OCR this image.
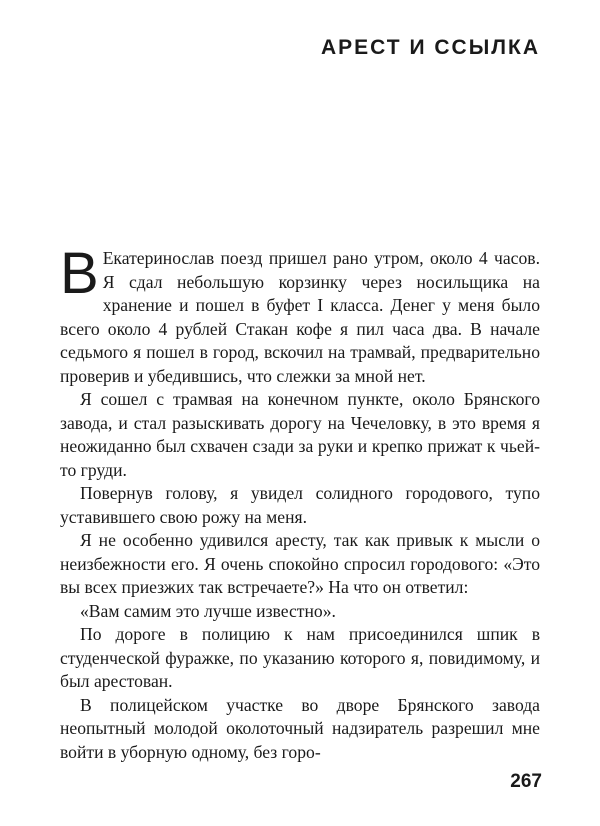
АРЕСТ И ССЫЛКА

В Екатеринослав поезд пришел рано утром, около 4 часов. Я сдал небольшую корзинку через носильщика на хранение и пошел в буфет I класса. Денег у меня было всего около 4 рублей Стакан кофе я пил часа два. В начале седьмого я пошел в город, вскочил на трамвай, предварительно проверив и убедившись, что слежки за мной нет.

Я сошел с трамвая на конечном пункте, около Брянского завода, и стал разыскивать дорогу на Чечеловку, в это время я неожиданно был схвачен сзади за руки и крепко прижат к чьей-то груди.

Повернув голову, я увидел солидного городового, тупо уставившего свою рожу на меня.

Я не особенно удивился аресту, так как привык к мысли о неизбежности его. Я очень спокойно спросил городового: «Это вы всех приезжих так встречаете?» На что он ответил:

«Вам самим это лучше известно».

По дороге в полицию к нам присоединился шпик в студенческой фуражке, по указанию которого я, повидимому, и был арестован.

В полицейском участке во дворе Брянского завода неопытный молодой околоточный надзиратель разрешил мне войти в уборную одному, без горо-

267
